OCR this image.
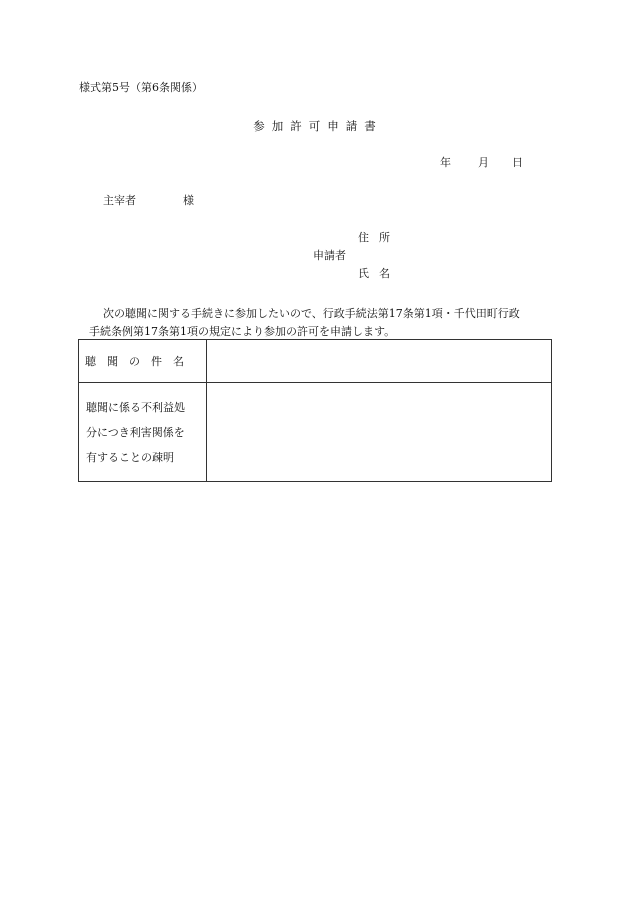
様式第5号（第6条関係）
参加許可申請書
年 月 日
主宰者	様
住所
申請者
氏名
次の聴聞に関する手続きに参加したいので、行政手続法第17条第1項・千代田町行政
手続条例第17条第1項の規定により参加の許可を申請します。
聴聞の件名	

聴聞に係る不利益処
分につき利害関係を
有することの疎明	
